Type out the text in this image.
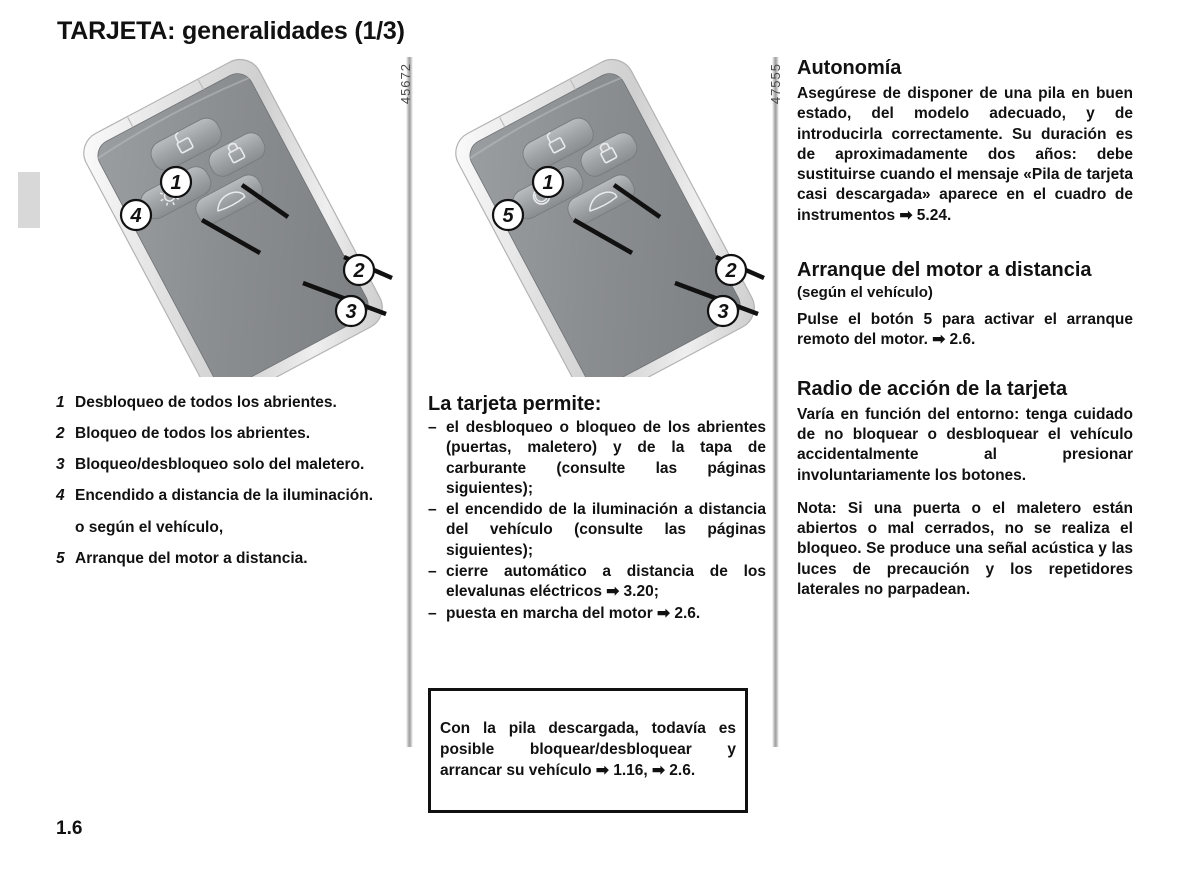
TARJETA: generalidades (1/3)
45672
1
4
2
3
1 Desbloqueo de todos los abrientes.
2 Bloqueo de todos los abrientes.
3 Bloqueo/desbloqueo solo del maletero.
4 Encendido a distancia de la iluminación.
o según el vehículo,
5 Arranque del motor a distancia.
47555
1
5
2
3
La tarjeta permite:
– el desbloqueo o bloqueo de los abrientes (puertas, maletero) y de la tapa de carburante (consulte las páginas siguientes);
– el encendido de la iluminación a distancia del vehículo (consulte las páginas siguientes);
– cierre automático a distancia de los elevalunas eléctricos ➡ 3.20;
– puesta en marcha del motor ➡ 2.6.

Con la pila descargada, todavía es posible bloquear/desbloquear y arrancar su vehículo ➡ 1.16, ➡ 2.6.

Autonomía

Asegúrese de disponer de una pila en buen estado, del modelo adecuado, y de introducirla correctamente. Su duración es de aproximadamente dos años: debe sustituirse cuando el mensaje «Pila de tarjeta casi descargada» aparece en el cuadro de instrumentos ➡ 5.24.

Arranque del motor a distancia
(según el vehículo)

Pulse el botón 5 para activar el arranque remoto del motor. ➡ 2.6.

Radio de acción de la tarjeta

Varía en función del entorno: tenga cuidado de no bloquear o desbloquear el vehículo accidentalmente al presionar involuntariamente los botones.

Nota: Si una puerta o el maletero están abiertos o mal cerrados, no se realiza el bloqueo. Se produce una señal acústica y las luces de precaución y los repetidores laterales no parpadean.

1.6
